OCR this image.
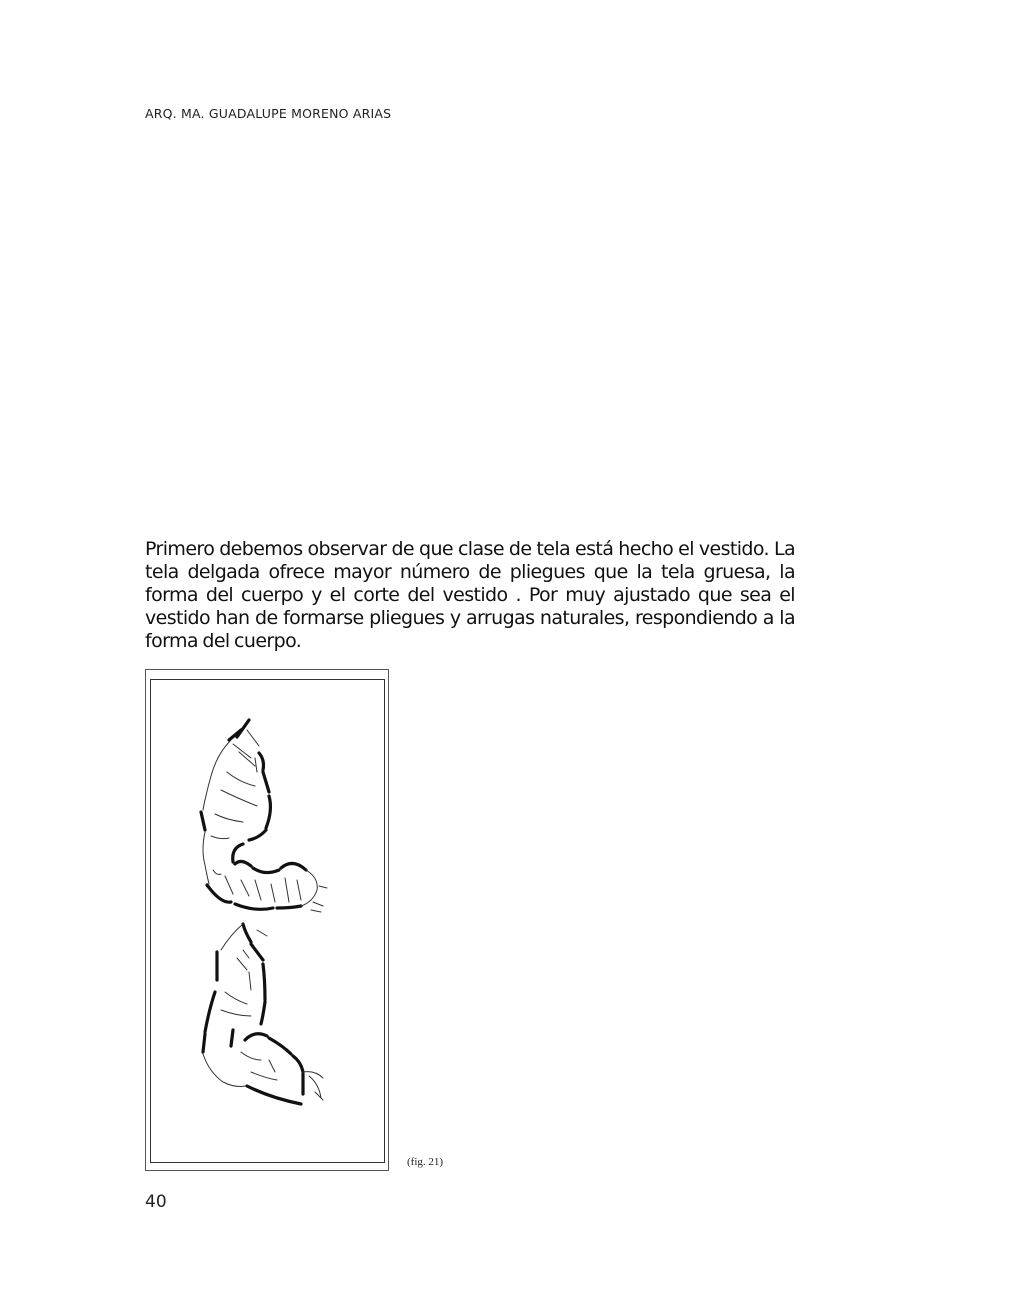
ARQ. MA. GUADALUPE MORENO ARIAS

Primero debemos observar de que clase de tela está hecho el vestido. La tela delgada ofrece mayor número de pliegues que la tela gruesa, la forma del cuerpo y el corte del vestido . Por muy ajustado que sea el vestido han de formarse pliegues y arrugas naturales, respondiendo a la forma del cuerpo.

(fig. 21)
40
